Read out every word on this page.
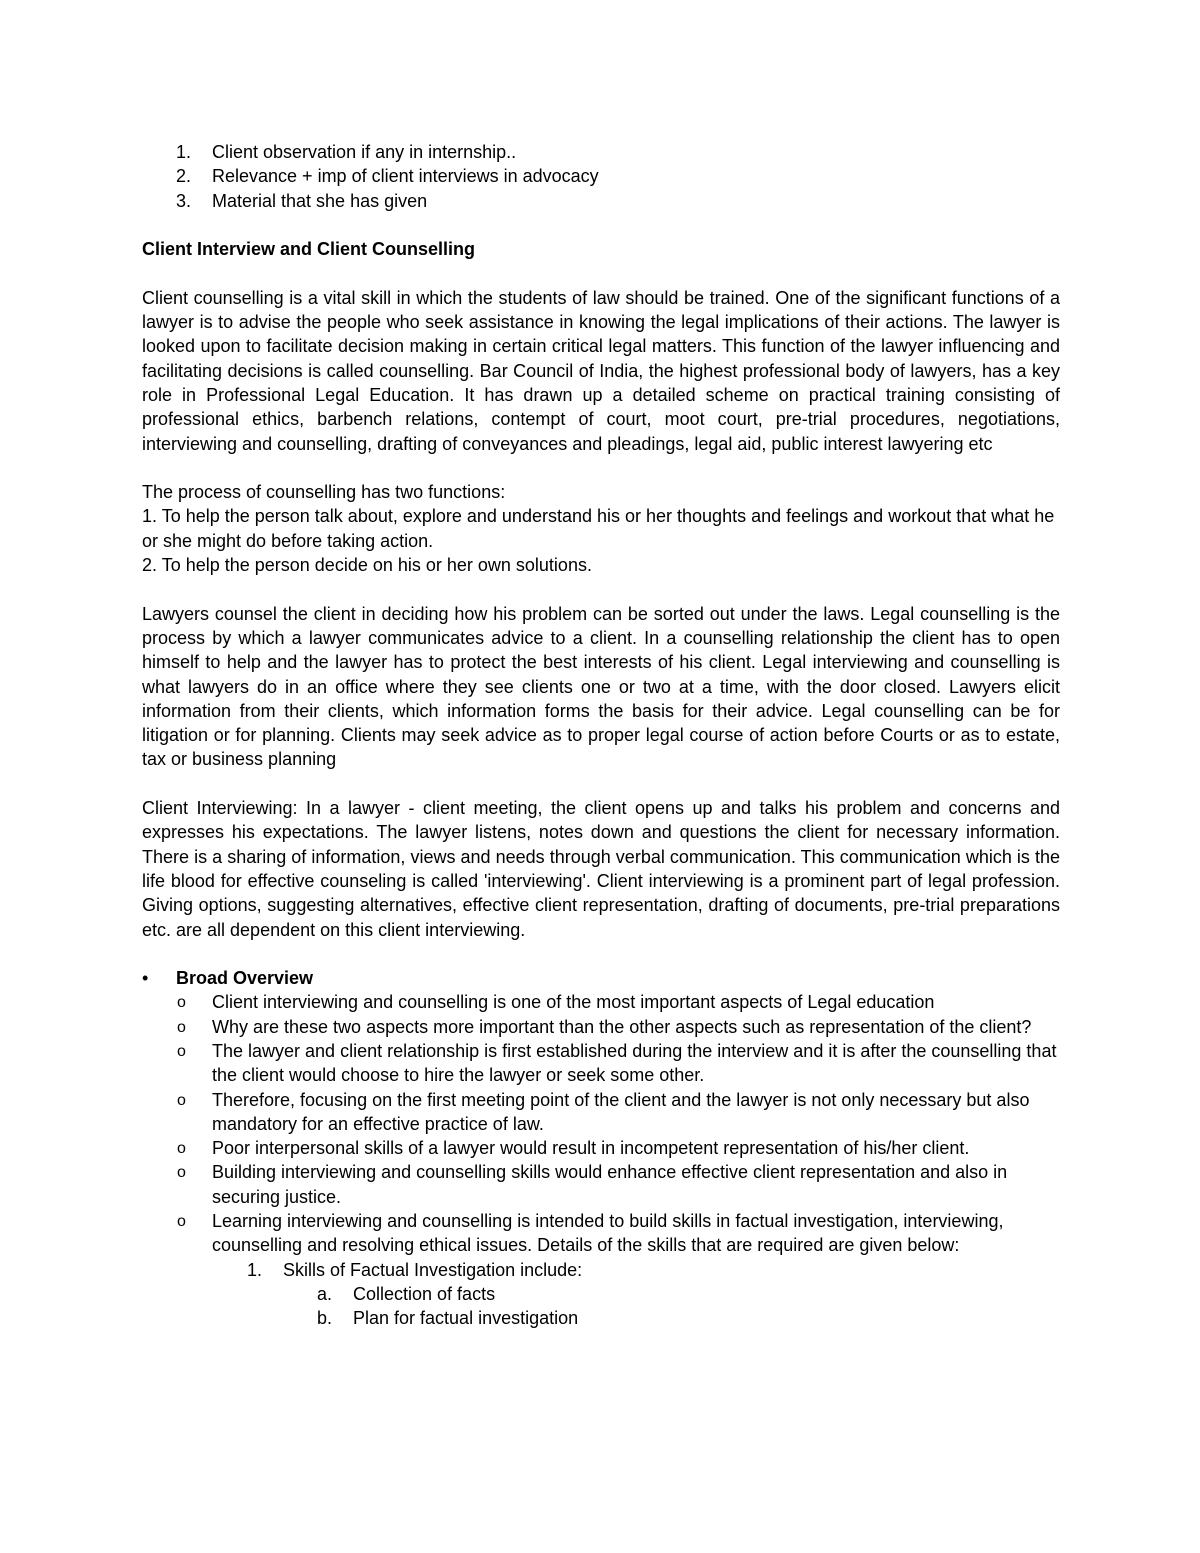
1. Client observation if any in internship..
2. Relevance + imp of client interviews in advocacy
3. Material that she has given
Client Interview and Client Counselling

Client counselling is a vital skill in which the students of law should be trained. One of the significant functions of a lawyer is to advise the people who seek assistance in knowing the legal implications of their actions. The lawyer is looked upon to facilitate decision making in certain critical legal matters. This function of the lawyer influencing and facilitating decisions is called counselling. Bar Council of India, the highest professional body of lawyers, has a key role in Professional Legal Education. It has drawn up a detailed scheme on practical training consisting of professional ethics, barbench relations, contempt of court, moot court, pre-trial procedures, negotiations, interviewing and counselling, drafting of conveyances and pleadings, legal aid, public interest lawyering etc

The process of counselling has two functions:

1. To help the person talk about, explore and understand his or her thoughts and feelings and workout that what he or she might do before taking action.

2. To help the person decide on his or her own solutions.

Lawyers counsel the client in deciding how his problem can be sorted out under the laws. Legal counselling is the process by which a lawyer communicates advice to a client. In a counselling relationship the client has to open himself to help and the lawyer has to protect the best interests of his client. Legal interviewing and counselling is what lawyers do in an office where they see clients one or two at a time, with the door closed. Lawyers elicit information from their clients, which information forms the basis for their advice. Legal counselling can be for litigation or for planning. Clients may seek advice as to proper legal course of action before Courts or as to estate, tax or business planning

Client Interviewing: In a lawyer - client meeting, the client opens up and talks his problem and concerns and expresses his expectations. The lawyer listens, notes down and questions the client for necessary information. There is a sharing of information, views and needs through verbal communication. This communication which is the life blood for effective counseling is called 'interviewing'. Client interviewing is a prominent part of legal profession. Giving options, suggesting alternatives, effective client representation, drafting of documents, pre-trial preparations etc. are all dependent on this client interviewing.

•	Broad Overview
o Client interviewing and counselling is one of the most important aspects of Legal education
o Why are these two aspects more important than the other aspects such as representation of the client?
o The lawyer and client relationship is first established during the interview and it is after the counselling that the client would choose to hire the lawyer or seek some other.
o Therefore, focusing on the first meeting point of the client and the lawyer is not only necessary but also mandatory for an effective practice of law.
o Poor interpersonal skills of a lawyer would result in incompetent representation of his/her client.
o Building interviewing and counselling skills would enhance effective client representation and also in securing justice.
o Learning interviewing and counselling is intended to build skills in factual investigation, interviewing, counselling and resolving ethical issues. Details of the skills that are required are given below:
1. Skills of Factual Investigation include:
a. Collection of facts
b. Plan for factual investigation
